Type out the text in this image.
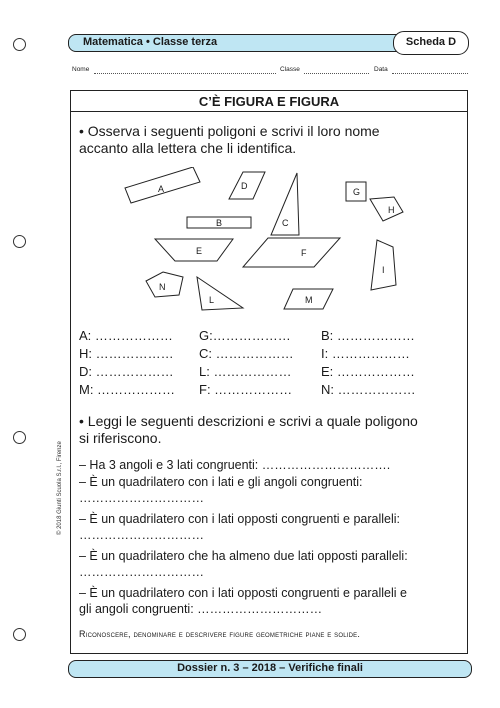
Matematica • Classe terza	Scheda D
Nome	Classe	Data
C’È FIGURA E FIGURA
• Osserva i seguenti poligoni e scrivi il loro nome
accanto alla lettera che li identifica.
A
B	C
D
E	F
G
H
I
L	M
N
A: ……………… G:……………… B: ………………
H: ……………… C: ……………… I: ………………
D: ……………… L: ……………… E: ………………
M: ……………… F: ……………… N: ………………
• Leggi le seguenti descrizioni e scrivi a quale poligono
si riferiscono.
– Ha 3 angoli e 3 lati congruenti: ………………………….
– È un quadrilatero con i lati e gli angoli congruenti:
…………………………
– È un quadrilatero con i lati opposti congruenti e paralleli:
…………………………
– È un quadrilatero che ha almeno due lati opposti paralleli:
…………………………
– È un quadrilatero con i lati opposti congruenti e paralleli e
gli angoli congruenti: …………………………
Riconoscere, denominare e descrivere figure geometriche piane e solide.
© 2018 Giunti Scuola S.r.l., Firenze
Dossier n. 3 – 2018 – Verifiche finali
